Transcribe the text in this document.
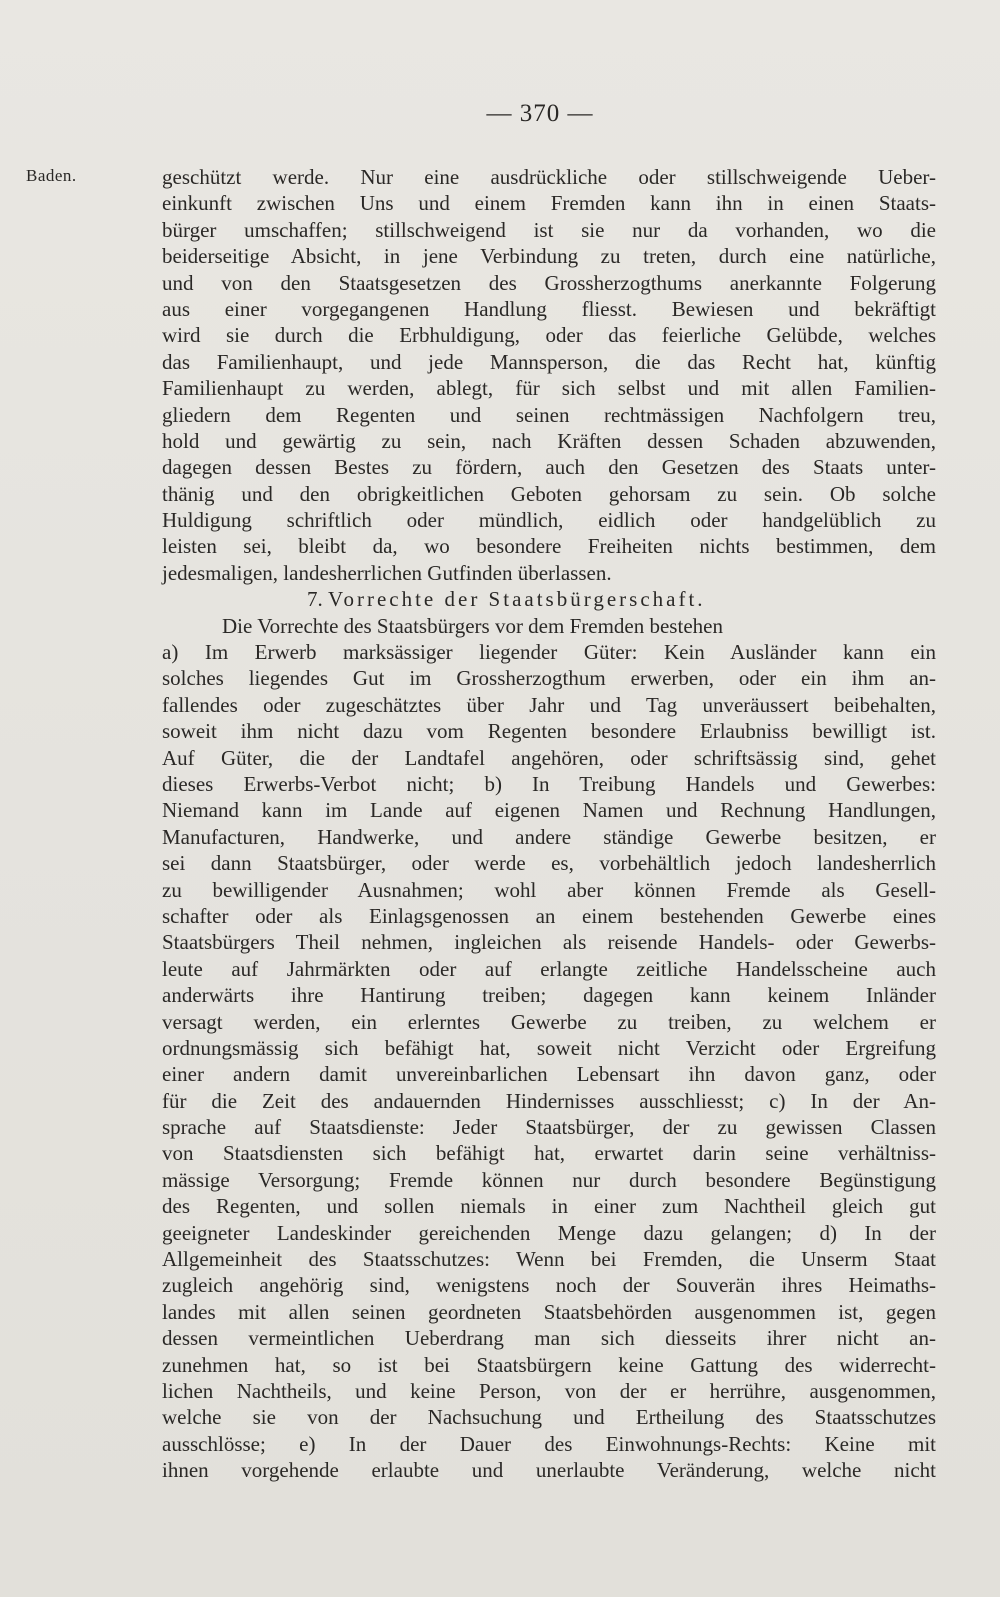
— 370 —
Baden.	geschützt werde. Nur eine ausdrückliche oder stillschweigende Ueber-
einkunft zwischen Uns und einem Fremden kann ihn in einen Staats-
bürger umschaffen; stillschweigend ist sie nur da vorhanden, wo die
beiderseitige Absicht, in jene Verbindung zu treten, durch eine natürliche,
und von den Staatsgesetzen des Grossherzogthums anerkannte Folgerung
aus einer vorgegangenen Handlung fliesst. Bewiesen und bekräftigt
wird sie durch die Erbhuldigung, oder das feierliche Gelübde, welches
das Familienhaupt, und jede Mannsperson, die das Recht hat, künftig
Familienhaupt zu werden, ablegt, für sich selbst und mit allen Familien-
gliedern dem Regenten und seinen rechtmässigen Nachfolgern treu,
hold und gewärtig zu sein, nach Kräften dessen Schaden abzuwenden,
dagegen dessen Bestes zu fördern, auch den Gesetzen des Staats unter-
thänig und den obrigkeitlichen Geboten gehorsam zu sein. Ob solche
Huldigung schriftlich oder mündlich, eidlich oder handgelüblich zu
leisten sei, bleibt da, wo besondere Freiheiten nichts bestimmen, dem
jedesmaligen, landesherrlichen Gutfinden überlassen.
7. Vorrechte der Staatsbürgerschaft.
Die Vorrechte des Staatsbürgers vor dem Fremden bestehen
a) Im Erwerb marksässiger liegender Güter: Kein Ausländer kann ein
solches liegendes Gut im Grossherzogthum erwerben, oder ein ihm an-
fallendes oder zugeschätztes über Jahr und Tag unveräussert beibehalten,
soweit ihm nicht dazu vom Regenten besondere Erlaubniss bewilligt ist.
Auf Güter, die der Landtafel angehören, oder schriftsässig sind, gehet
dieses Erwerbs-Verbot nicht; b) In Treibung Handels und Gewerbes:
Niemand kann im Lande auf eigenen Namen und Rechnung Handlungen,
Manufacturen, Handwerke, und andere ständige Gewerbe besitzen, er
sei dann Staatsbürger, oder werde es, vorbehältlich jedoch landesherrlich
zu bewilligender Ausnahmen; wohl aber können Fremde als Gesell-
schafter oder als Einlagsgenossen an einem bestehenden Gewerbe eines
Staatsbürgers Theil nehmen, ingleichen als reisende Handels- oder Gewerbs-
leute auf Jahrmärkten oder auf erlangte zeitliche Handelsscheine auch
anderwärts ihre Hantirung treiben; dagegen kann keinem Inländer
versagt werden, ein erlerntes Gewerbe zu treiben, zu welchem er
ordnungsmässig sich befähigt hat, soweit nicht Verzicht oder Ergreifung
einer andern damit unvereinbarlichen Lebensart ihn davon ganz, oder
für die Zeit des andauernden Hindernisses ausschliesst; c) In der An-
sprache auf Staatsdienste: Jeder Staatsbürger, der zu gewissen Classen
von Staatsdiensten sich befähigt hat, erwartet darin seine verhältniss-
mässige Versorgung; Fremde können nur durch besondere Begünstigung
des Regenten, und sollen niemals in einer zum Nachtheil gleich gut
geeigneter Landeskinder gereichenden Menge dazu gelangen; d) In der
Allgemeinheit des Staatsschutzes: Wenn bei Fremden, die Unserm Staat
zugleich angehörig sind, wenigstens noch der Souverän ihres Heimaths-
landes mit allen seinen geordneten Staatsbehörden ausgenommen ist, gegen
dessen vermeintlichen Ueberdrang man sich diesseits ihrer nicht an-
zunehmen hat, so ist bei Staatsbürgern keine Gattung des widerrecht-
lichen Nachtheils, und keine Person, von der er herrühre, ausgenommen,
welche sie von der Nachsuchung und Ertheilung des Staatsschutzes
ausschlösse; e) In der Dauer des Einwohnungs-Rechts: Keine mit
ihnen vorgehende erlaubte und unerlaubte Veränderung, welche nicht
